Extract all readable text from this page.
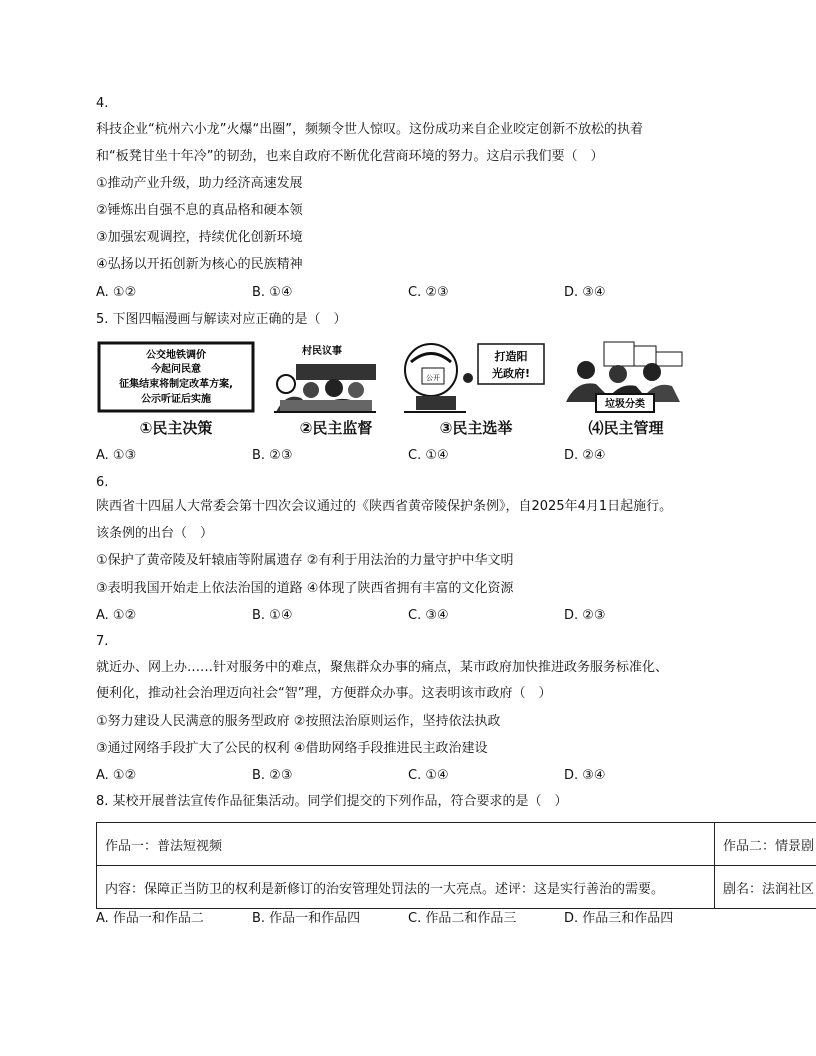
4.
科技企业“杭州六小龙”火爆“出圈”，频频令世人惊叹。这份成功来自企业咬定创新不放松的执着
和“板凳甘坐十年冷”的韧劲，也来自政府不断优化营商环境的努力。这启示我们要（　）
①推动产业升级，助力经济高速发展
②锤炼出自强不息的真品格和硬本领
③加强宏观调控，持续优化创新环境
④弘扬以开拓创新为核心的民族精神
A. ①②	B. ①④	C. ②③	D. ③④
5. 下图四幅漫画与解读对应正确的是（　）
公交地铁调价
今起问民意
征集结束将制定改革方案,
公示听证后实施
①民主决策
村民议事
②民主监督
公开
打造阳
光政府!
③民主选举
垃圾分类
⑷民主管理
A. ①③	B. ②③	C. ①④	D. ②④
6.
陕西省十四届人大常委会第十四次会议通过的《陕西省黄帝陵保护条例》，自2025年4月1日起施行。
该条例的出台（　）
①保护了黄帝陵及轩辕庙等附属遗存 ②有利于用法治的力量守护中华文明
③表明我国开始走上依法治国的道路 ④体现了陕西省拥有丰富的文化资源
A. ①②	B. ①④	C. ③④	D. ②③
7.
就近办、网上办……针对服务中的难点，聚焦群众办事的痛点，某市政府加快推进政务服务标准化、
便利化，推动社会治理迈向社会“智”理，方便群众办事。这表明该市政府（　）
①努力建设人民满意的服务型政府 ②按照法治原则运作，坚持依法执政
③通过网络手段扩大了公民的权利 ④借助网络手段推进民主政治建设
A. ①②	B. ②③	C. ①④	D. ③④
8. 某校开展普法宣传作品征集活动。同学们提交的下列作品，符合要求的是（　）
作品一：普法短视频	作品二：情景剧
内容：保障正当防卫的权利是新修订的治安管理处罚法的一大亮点。述评：这是实行善治的需要。	剧名：法润社区
A. 作品一和作品二	B. 作品一和作品四	C. 作品二和作品三	D. 作品三和作品四
